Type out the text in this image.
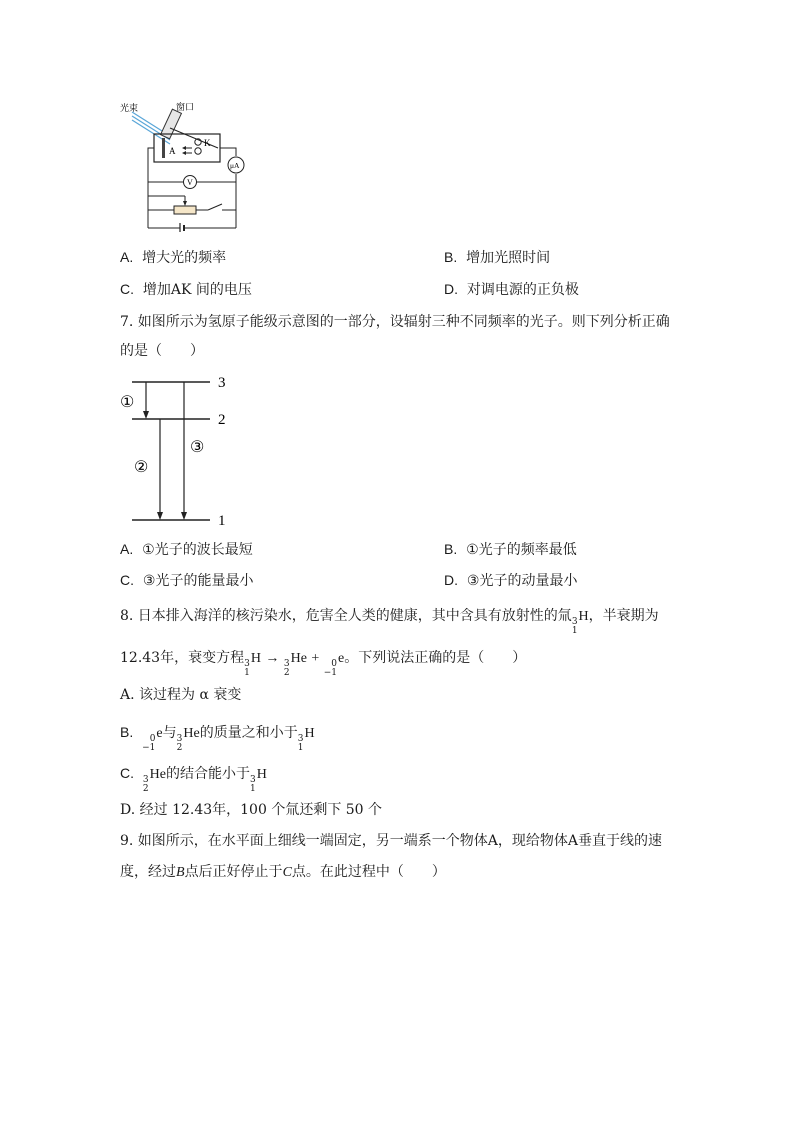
光束	窗口
A
K
μA
V
A. 增大光的频率	B. 增加光照时间
C. 增加AK 间的电压	D. 对调电源的正负极
7. 如图所示为氢原子能级示意图的一部分，设辐射三种不同频率的光子。则下列分析正确
的是（　　）
3
2
1
①
②
③
A. ①光子的波长最短	B. ①光子的频率最低
C. ③光子的能量最小	D. ③光子的动量最小
8. 日本排入海洋的核污染水，危害全人类的健康，其中含具有放射性的氚 3
1
H，半衰期为
12.43年，衰变方程 3
1
H → 3
2
He + 0
−1
e。下列说法正确的是（　　）
A. 该过程为 α 衰变
B. 0
−1
e与 3
2
He的质量之和小于 3
1
H
C. 3
2
He的结合能小于 3
1
H
D. 经过 12.43年，100 个氚还剩下 50 个
9. 如图所示，在水平面上细线一端固定，另一端系一个物体A，现给物体A垂直于线的速
度，经过B点后正好停止于C点。在此过程中（　　）
